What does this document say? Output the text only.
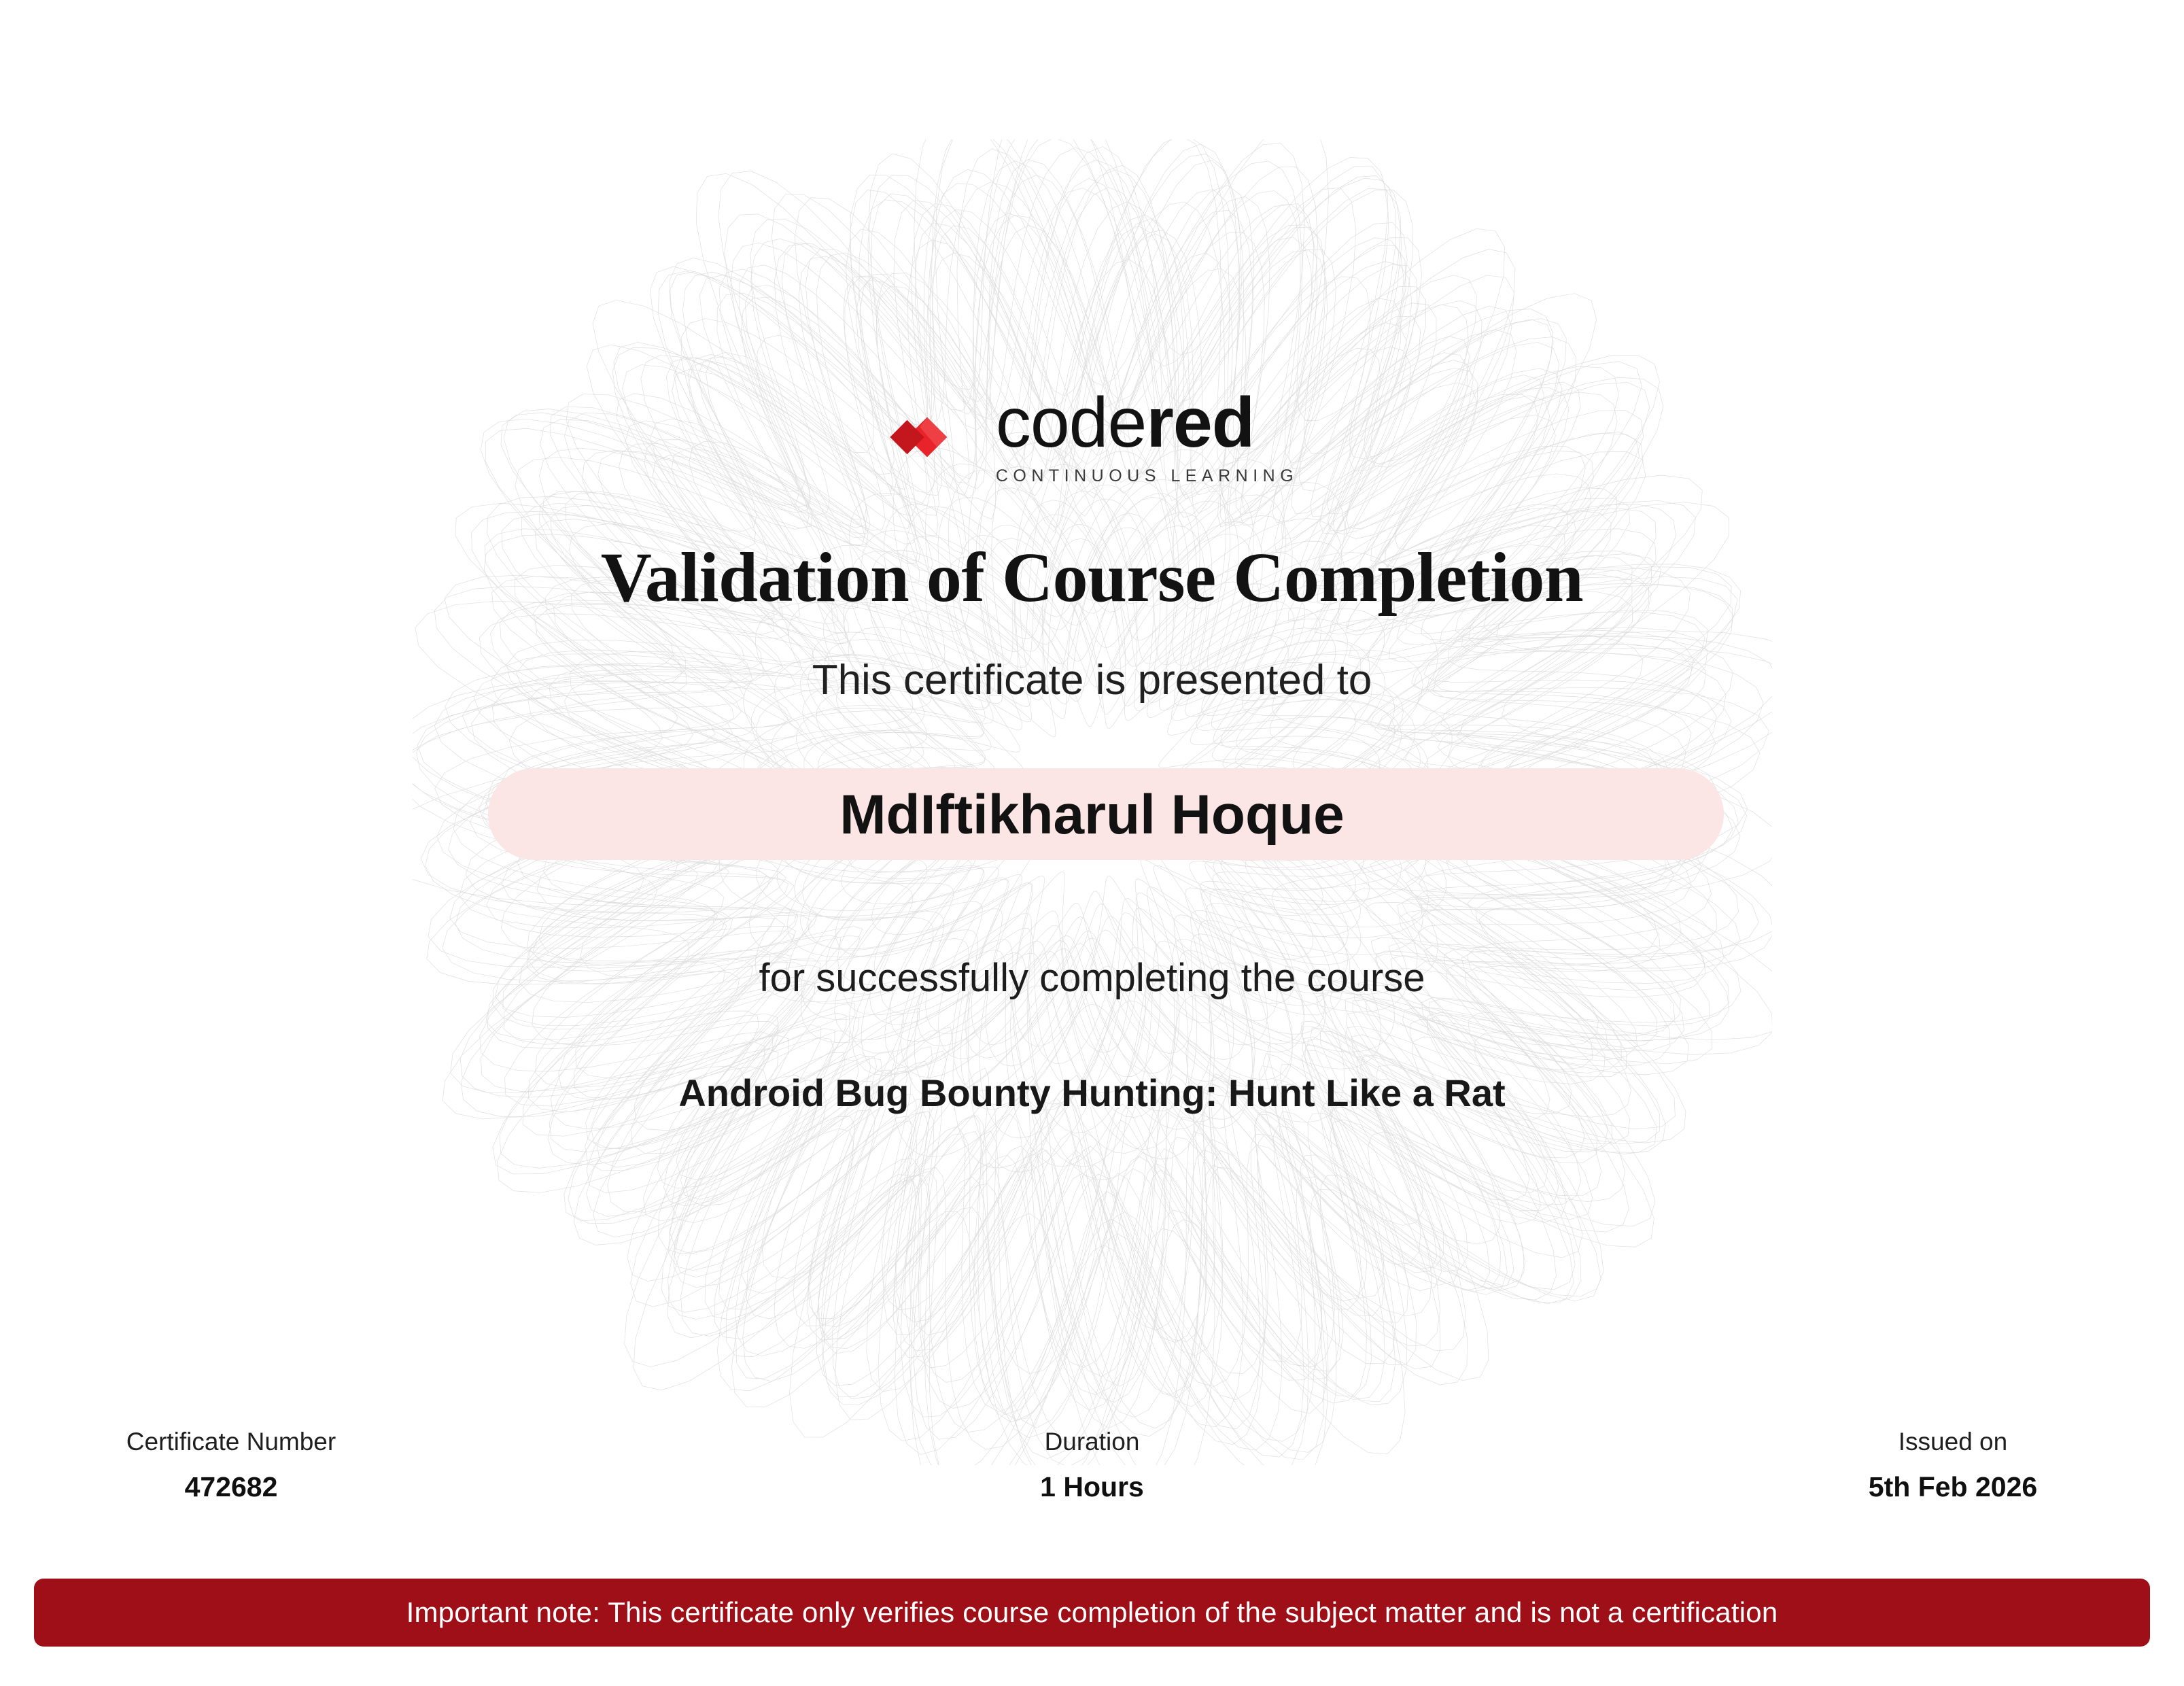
codered
CONTINUOUS LEARNING
Validation of Course Completion
This certificate is presented to
MdIftikharul Hoque
for successfully completing the course
Android Bug Bounty Hunting: Hunt Like a Rat
Certificate Number
472682
Duration
1 Hours
Issued on
5th Feb 2026
Important note: This certificate only verifies course completion of the subject matter and is not a certification
